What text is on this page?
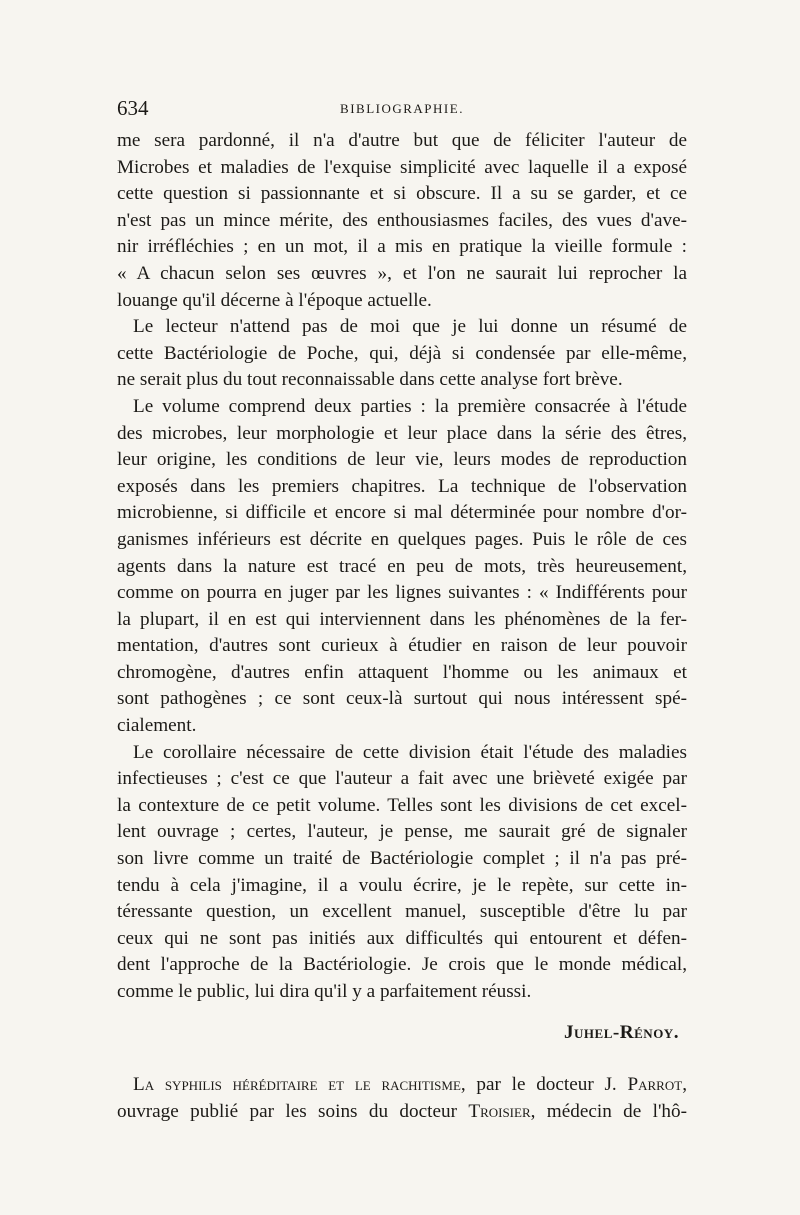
634	BIBLIOGRAPHIE.
me sera pardonné, il n'a d'autre but que de féliciter l'auteur de
Microbes et maladies de l'exquise simplicité avec laquelle il a exposé
cette question si passionnante et si obscure. Il a su se garder, et ce
n'est pas un mince mérite, des enthousiasmes faciles, des vues d'ave-
nir irréfléchies ; en un mot, il a mis en pratique la vieille formule :
« A chacun selon ses œuvres », et l'on ne saurait lui reprocher la
louange qu'il décerne à l'époque actuelle.
Le lecteur n'attend pas de moi que je lui donne un résumé de
cette Bactériologie de Poche, qui, déjà si condensée par elle-même,
ne serait plus du tout reconnaissable dans cette analyse fort brève.
Le volume comprend deux parties : la première consacrée à l'étude
des microbes, leur morphologie et leur place dans la série des êtres,
leur origine, les conditions de leur vie, leurs modes de reproduction
exposés dans les premiers chapitres. La technique de l'observation
microbienne, si difficile et encore si mal déterminée pour nombre d'or-
ganismes inférieurs est décrite en quelques pages. Puis le rôle de ces
agents dans la nature est tracé en peu de mots, très heureusement,
comme on pourra en juger par les lignes suivantes : « Indifférents pour
la plupart, il en est qui interviennent dans les phénomènes de la fer-
mentation, d'autres sont curieux à étudier en raison de leur pouvoir
chromogène, d'autres enfin attaquent l'homme ou les animaux et
sont pathogènes ; ce sont ceux-là surtout qui nous intéressent spé-
cialement.
Le corollaire nécessaire de cette division était l'étude des maladies
infectieuses ; c'est ce que l'auteur a fait avec une brièveté exigée par
la contexture de ce petit volume. Telles sont les divisions de cet excel-
lent ouvrage ; certes, l'auteur, je pense, me saurait gré de signaler
son livre comme un traité de Bactériologie complet ; il n'a pas pré-
tendu à cela j'imagine, il a voulu écrire, je le repète, sur cette in-
téressante question, un excellent manuel, susceptible d'être lu par
ceux qui ne sont pas initiés aux difficultés qui entourent et défen-
dent l'approche de la Bactériologie. Je crois que le monde médical,
comme le public, lui dira qu'il y a parfaitement réussi.
Juhel-Rénoy.
La syphilis héréditaire et le rachitisme, par le docteur J. Parrot,
ouvrage publié par les soins du docteur Troisier, médecin de l'hô-
